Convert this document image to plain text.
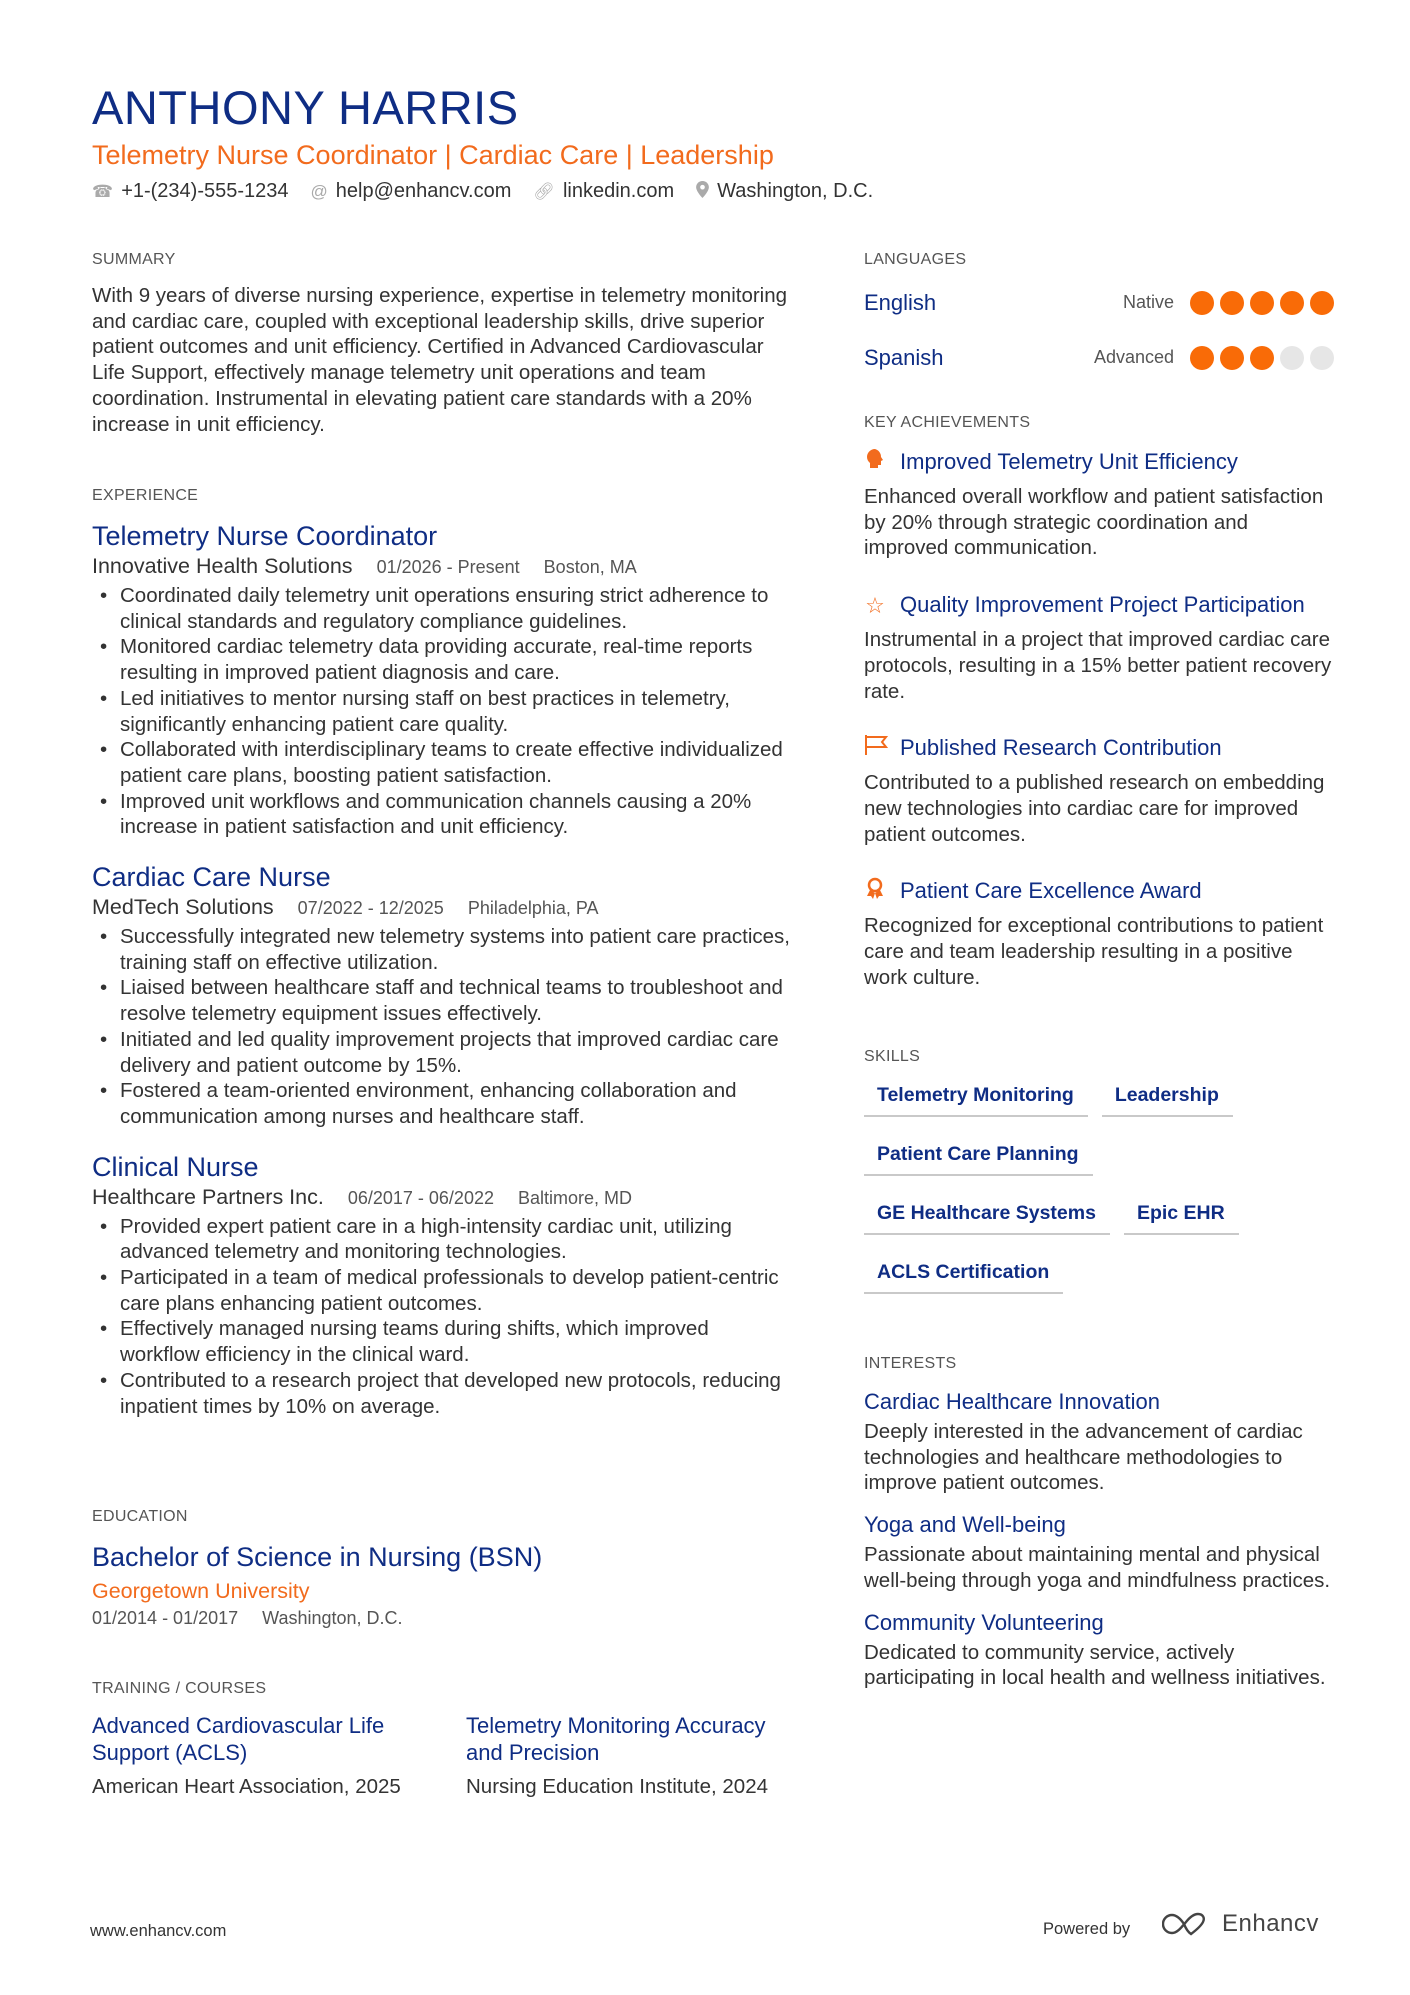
ANTHONY HARRIS
Telemetry Nurse Coordinator | Cardiac Care | Leadership
☎ +1-(234)-555-1234 @ help@enhancv.com 🔗︎ linkedin.com Washington, D.C.
SUMMARY
With 9 years of diverse nursing experience, expertise in telemetry monitoring and cardiac care, coupled with exceptional leadership skills, drive superior patient outcomes and unit efficiency. Certified in Advanced Cardiovascular Life Support, effectively manage telemetry unit operations and team coordination. Instrumental in elevating patient care standards with a 20% increase in unit efficiency.
EXPERIENCE
Telemetry Nurse Coordinator
Innovative Health Solutions 01/2026 - Present Boston, MA
• Coordinated daily telemetry unit operations ensuring strict adherence to clinical standards and regulatory compliance guidelines.
• Monitored cardiac telemetry data providing accurate, real-time reports resulting in improved patient diagnosis and care.
• Led initiatives to mentor nursing staff on best practices in telemetry, significantly enhancing patient care quality.
• Collaborated with interdisciplinary teams to create effective individualized patient care plans, boosting patient satisfaction.
• Improved unit workflows and communication channels causing a 20% increase in patient satisfaction and unit efficiency.
Cardiac Care Nurse
MedTech Solutions 07/2022 - 12/2025 Philadelphia, PA
• Successfully integrated new telemetry systems into patient care practices, training staff on effective utilization.
• Liaised between healthcare staff and technical teams to troubleshoot and resolve telemetry equipment issues effectively.
• Initiated and led quality improvement projects that improved cardiac care delivery and patient outcome by 15%.
• Fostered a team-oriented environment, enhancing collaboration and communication among nurses and healthcare staff.
Clinical Nurse
Healthcare Partners Inc. 06/2017 - 06/2022 Baltimore, MD
• Provided expert patient care in a high-intensity cardiac unit, utilizing advanced telemetry and monitoring technologies.
• Participated in a team of medical professionals to develop patient-centric care plans enhancing patient outcomes.
• Effectively managed nursing teams during shifts, which improved workflow efficiency in the clinical ward.
• Contributed to a research project that developed new protocols, reducing inpatient times by 10% on average.
EDUCATION
Bachelor of Science in Nursing (BSN)
Georgetown University
01/2014 - 01/2017 Washington, D.C.
TRAINING / COURSES
Advanced Cardiovascular Life Support (ACLS)
American Heart Association, 2025
Telemetry Monitoring Accuracy and Precision
Nursing Education Institute, 2024
LANGUAGES
English	Native
Spanish	Advanced
KEY ACHIEVEMENTS
Improved Telemetry Unit Efficiency
Enhanced overall workflow and patient satisfaction by 20% through strategic coordination and improved communication.
☆ Quality Improvement Project Participation
Instrumental in a project that improved cardiac care protocols, resulting in a 15% better patient recovery rate.
Published Research Contribution
Contributed to a published research on embedding new technologies into cardiac care for improved patient outcomes.
Patient Care Excellence Award
Recognized for exceptional contributions to patient care and team leadership resulting in a positive work culture.
SKILLS
Telemetry Monitoring	Leadership
Patient Care Planning
GE Healthcare Systems	Epic EHR
ACLS Certification
INTERESTS
Cardiac Healthcare Innovation
Deeply interested in the advancement of cardiac technologies and healthcare methodologies to improve patient outcomes.
Yoga and Well-being
Passionate about maintaining mental and physical well-being through yoga and mindfulness practices.
Community Volunteering
Dedicated to community service, actively participating in local health and wellness initiatives.
www.enhancv.com	Powered by	Enhancv
